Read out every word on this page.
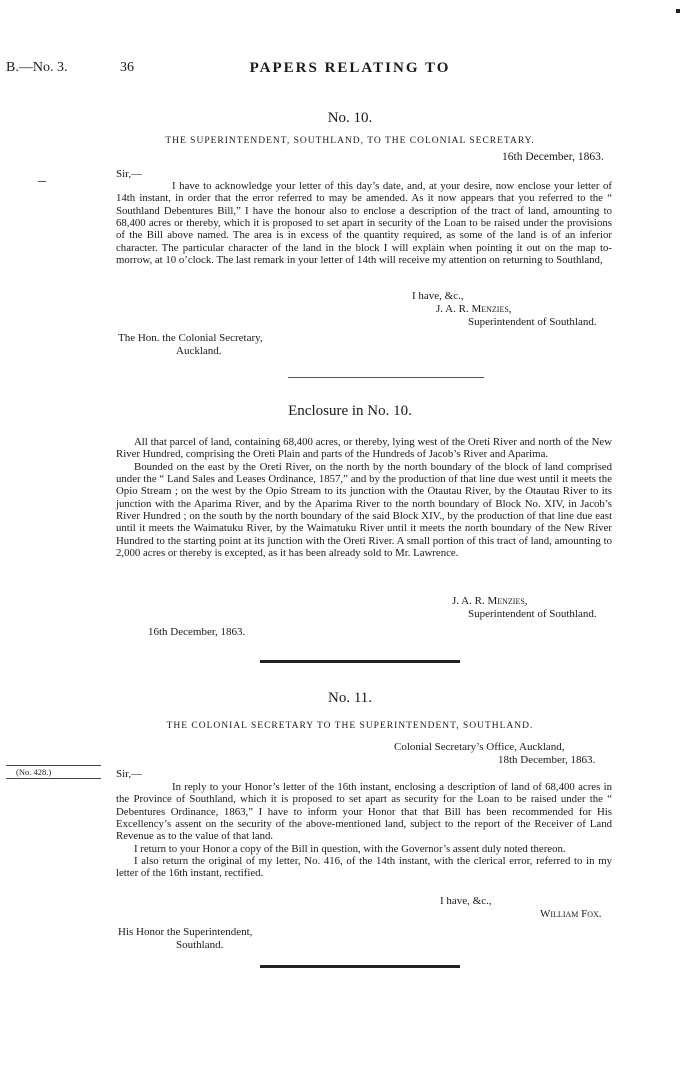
B.—No. 3.	36	PAPERS RELATING TO
No. 10.
THE SUPERINTENDENT, SOUTHLAND, TO THE COLONIAL SECRETARY.
16th December, 1863.
Sir,—

I have to acknowledge your letter of this day’s date, and, at your desire, now enclose your letter of 14th instant, in order that the error referred to may be amended. As it now appears that you referred to the “ Southland Debentures Bill,” I have the honour also to enclose a description of the tract of land, amounting to 68,400 acres or thereby, which it is proposed to set apart in security of the Loan to be raised under the provisions of the Bill above named. The area is in excess of the quantity required, as some of the land is of an inferior character. The particular character of the land in the block I will explain when pointing it out on the map to-morrow, at 10 o’clock. The last remark in your letter of 14th will receive my attention on returning to Southland,

I have, &c.,
J. A. R. Menzies,
Superintendent of Southland.
The Hon. the Colonial Secretary,
Auckland.
Enclosure in No. 10.

All that parcel of land, containing 68,400 acres, or thereby, lying west of the Oreti River and north of the New River Hundred, comprising the Oreti Plain and parts of the Hundreds of Jacob’s River and Aparima.

Bounded on the east by the Oreti River, on the north by the north boundary of the block of land comprised under the “ Land Sales and Leases Ordinance, 1857,” and by the production of that line due west until it meets the Opio Stream ; on the west by the Opio Stream to its junction with the Otautau River, by the Otautau River to its junction with the Aparima River, and by the Aparima River to the north boundary of Block No. XIV, in Jacob’s River Hundred ; on the south by the north boundary of the said Block XIV., by the production of that line due east until it meets the Waimatuku River, by the Waimatuku River until it meets the north boundary of the New River Hundred to the starting point at its junction with the Oreti River. A small portion of this tract of land, amounting to 2,000 acres or thereby is excepted, as it has been already sold to Mr. Lawrence.

J. A. R. Menzies,
Superintendent of Southland.
16th December, 1863.
No. 11.
THE COLONIAL SECRETARY TO THE SUPERINTENDENT, SOUTHLAND.
Colonial Secretary’s Office, Auckland,
18th December, 1863.
(No. 428.)	Sir,—

In reply to your Honor’s letter of the 16th instant, enclosing a description of land of 68,400 acres in the Province of Southland, which it is proposed to set apart as security for the Loan to be raised under the “ Debentures Ordinance, 1863,” I have to inform your Honor that that Bill has been recommended for His Excellency’s assent on the security of the above-mentioned land, subject to the report of the Receiver of Land Revenue as to the value of that land.

I return to your Honor a copy of the Bill in question, with the Governor’s assent duly noted thereon.

I also return the original of my letter, No. 416, of the 14th instant, with the clerical error, referred to in my letter of the 16th instant, rectified.

I have, &c.,
William Fox.
His Honor the Superintendent,
Southland.
